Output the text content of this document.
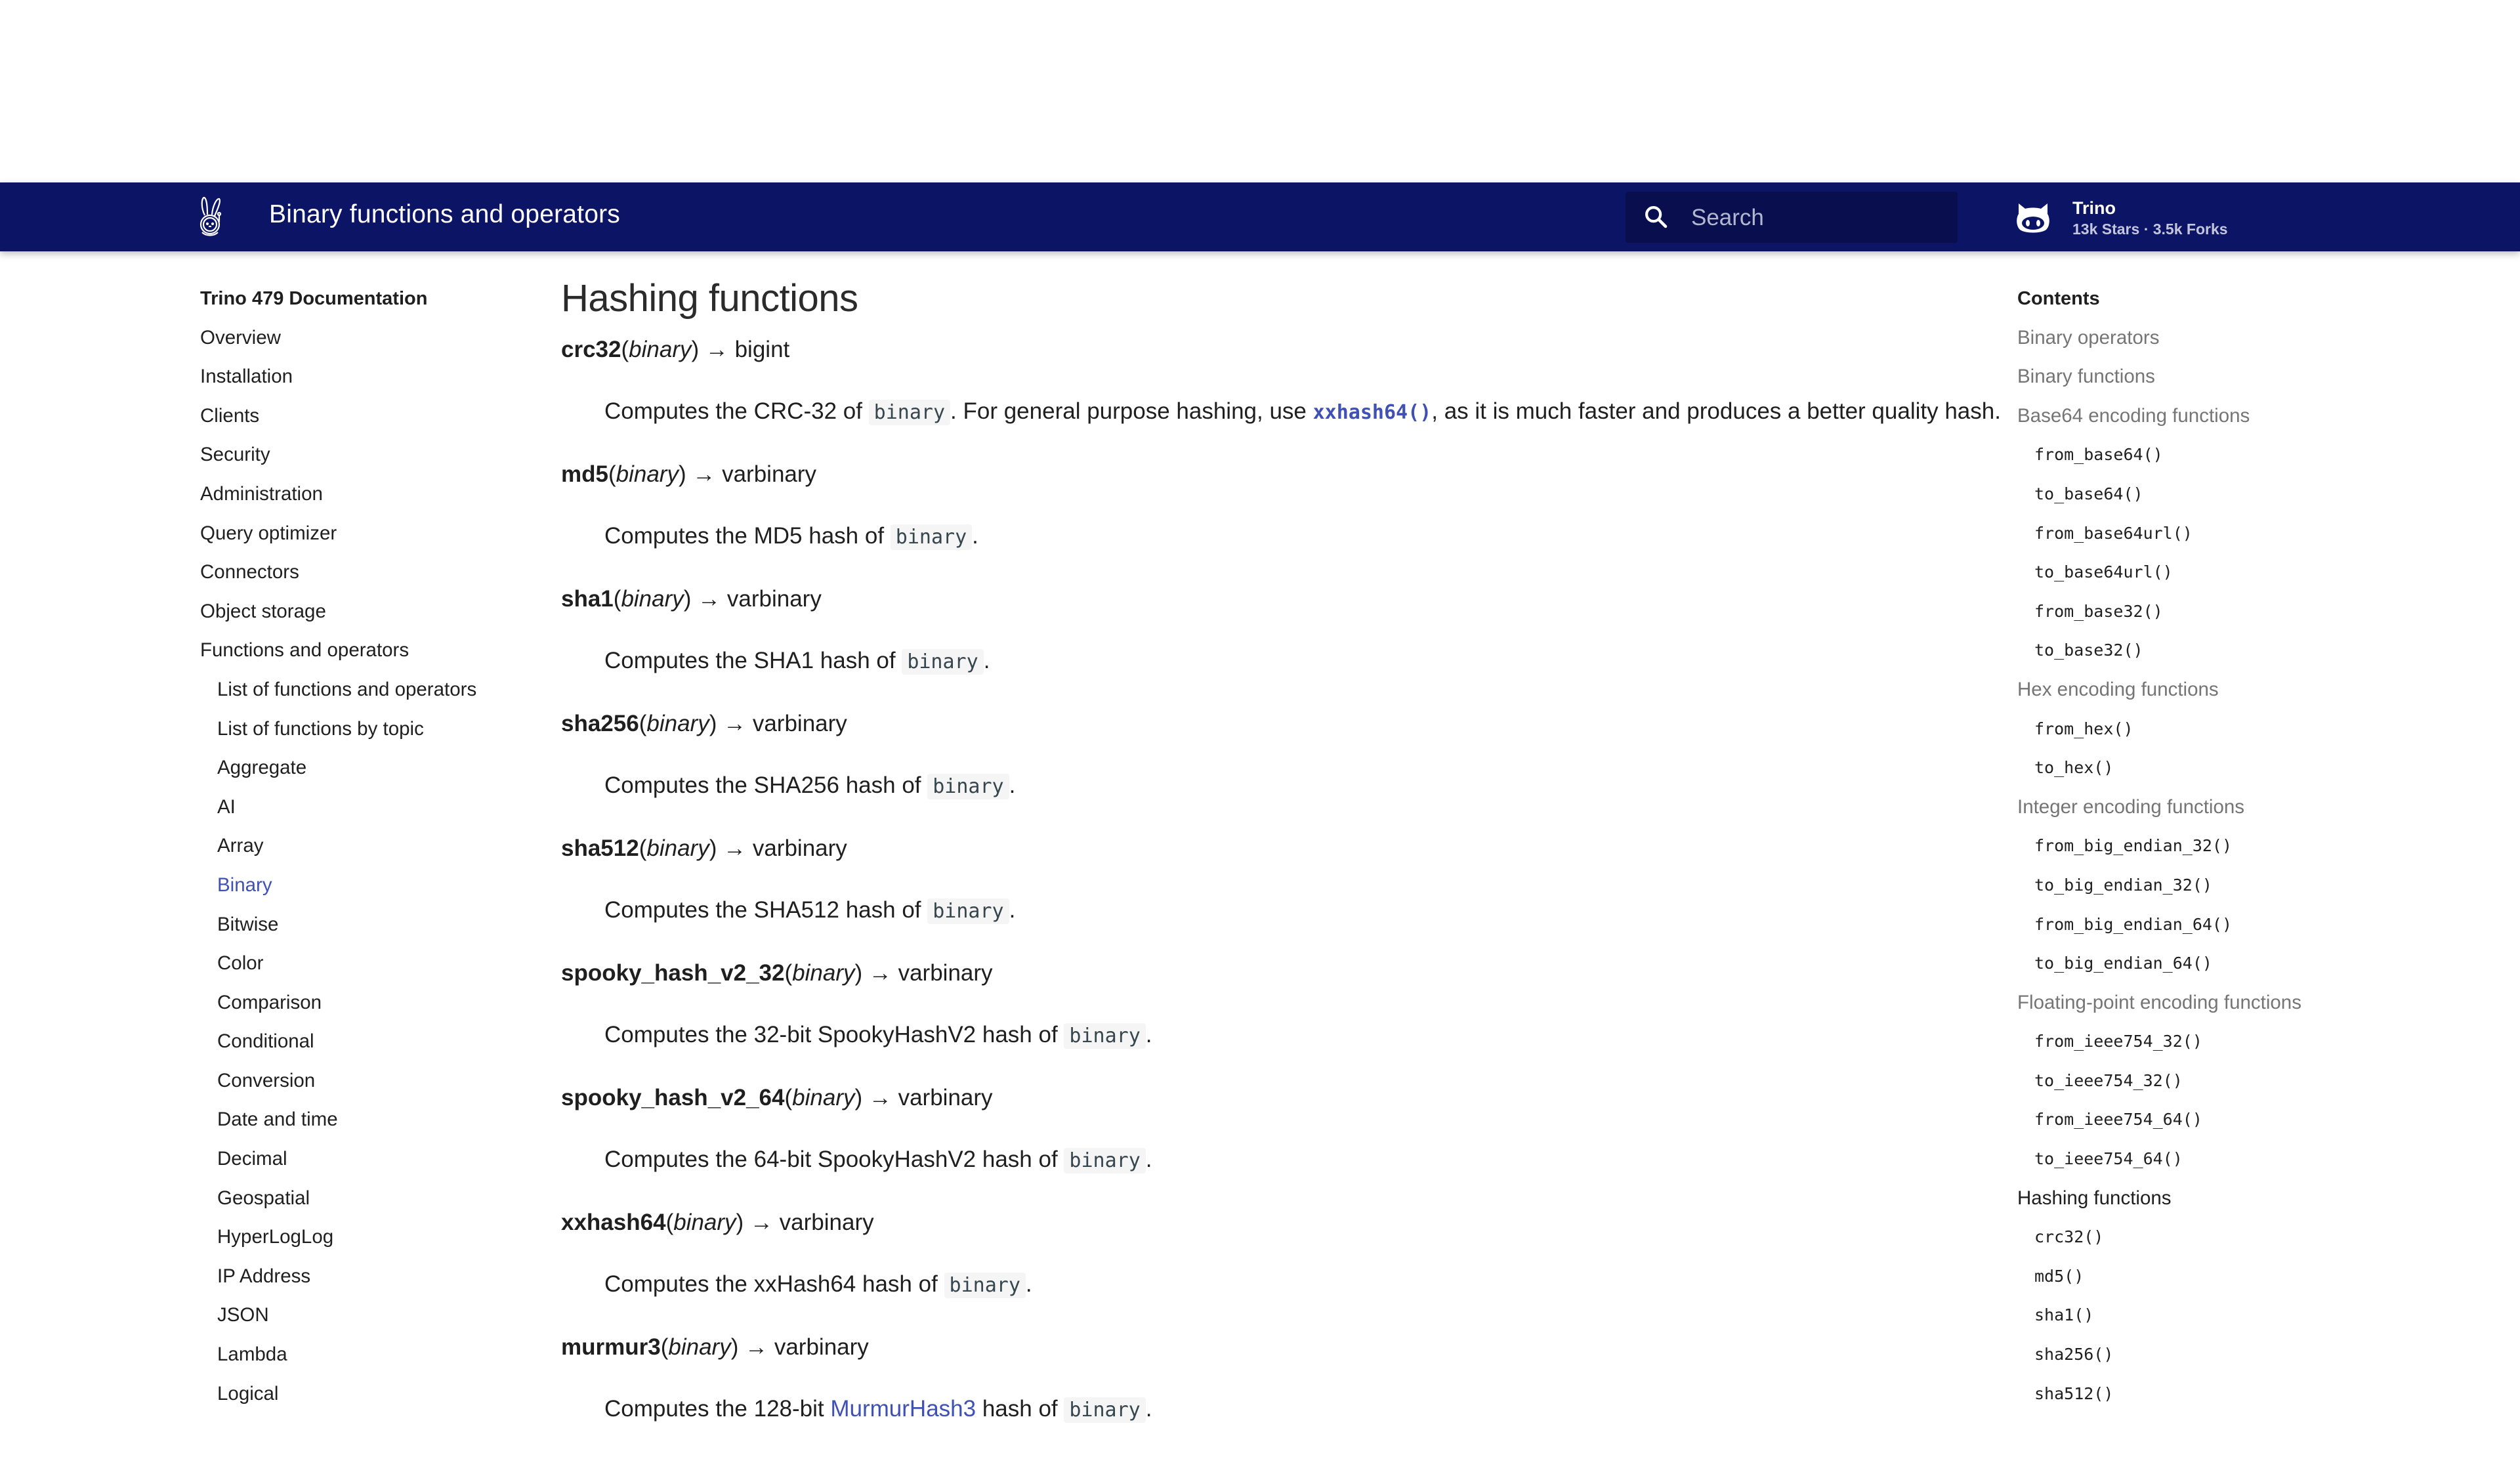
Binary functions and operators
Search	Trino
13k Stars · 3.5k Forks
Trino 479 Documentation
Overview
Installation
Clients
Security
Administration
Query optimizer
Connectors
Object storage
Functions and operators
List of functions and operators
List of functions by topic
Aggregate
AI
Array
Binary
Bitwise
Color
Comparison
Conditional
Conversion
Date and time
Decimal
Geospatial
HyperLogLog
IP Address
JSON
Lambda
Logical
Hashing functions
crc32(binary) → bigint
Computes the CRC-32 of binary . For general purpose hashing, use xxhash64(), as it is much faster and produces a better quality hash.
md5(binary) → varbinary
Computes the MD5 hash of binary .
sha1(binary) → varbinary
Computes the SHA1 hash of binary .
sha256(binary) → varbinary
Computes the SHA256 hash of binary .
sha512(binary) → varbinary
Computes the SHA512 hash of binary .
spooky_hash_v2_32(binary) → varbinary
Computes the 32-bit SpookyHashV2 hash of binary .
spooky_hash_v2_64(binary) → varbinary
Computes the 64-bit SpookyHashV2 hash of binary .
xxhash64(binary) → varbinary
Computes the xxHash64 hash of binary .
murmur3(binary) → varbinary
Computes the 128-bit MurmurHash3 hash of binary .
Contents
Binary operators
Binary functions
Base64 encoding functions
from_base64()
to_base64()
from_base64url()
to_base64url()
from_base32()
to_base32()
Hex encoding functions
from_hex()
to_hex()
Integer encoding functions
from_big_endian_32()
to_big_endian_32()
from_big_endian_64()
to_big_endian_64()
Floating-point encoding functions
from_ieee754_32()
to_ieee754_32()
from_ieee754_64()
to_ieee754_64()
Hashing functions
crc32()
md5()
sha1()
sha256()
sha512()
